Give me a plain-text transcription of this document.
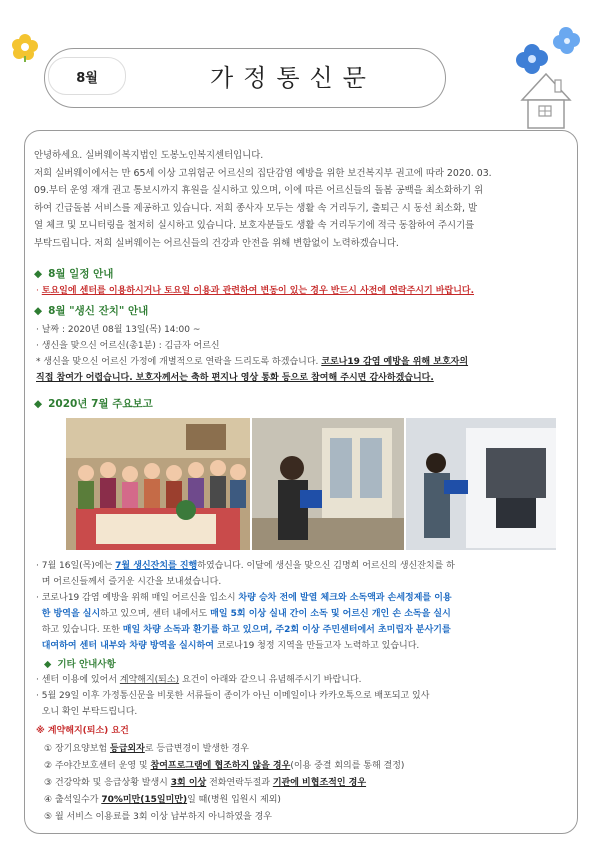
8월	가정통신문
안녕하세요. 실버웨이복지법인 도봉노인복지센터입니다.
저희 실버웨이에서는 만 65세 이상 고위험군 어르신의 집단감염 예방을 위한 보건복지부 권고에 따라 2020. 03.
09.부터 운영 재개 권고 통보시까지 휴원을 실시하고 있으며, 이에 따른 어르신들의 돌봄 공백을 최소화하기 위
하여 긴급돌봄 서비스를 제공하고 있습니다. 저희 종사자 모두는 생활 속 거리두기, 출퇴근 시 동선 최소화, 발
열 체크 및 모니터링을 철저히 실시하고 있습니다. 보호자분들도 생활 속 거리두기에 적극 동참하여 주시기를
부탁드립니다. 저희 실버웨이는 어르신들의 건강과 안전을 위해 변함없이 노력하겠습니다.
◆ 8월 일정 안내
· 토요일에 센터를 이용하시거나 토요일 이용과 관련하여 변동이 있는 경우 반드시 사전에 연락주시기 바랍니다.
◆ 8월 "생신 잔치" 안내
· 날짜 : 2020년 08월 13일(목) 14:00 ~
· 생신을 맞으신 어르신(총1분) : 김금자 어르신
* 생신을 맞으신 어르신 가정에 개별적으로 연락을 드리도록 하겠습니다. 코로나19 감염 예방을 위해 보호자의
직접 참여가 어렵습니다. 보호자께서는 축하 편지나 영상 통화 등으로 참여해 주시면 감사하겠습니다.
◆ 2020년 7월 주요보고
· 7월 16일(목)에는 7월 생신잔치를 진행하였습니다. 이달에 생신을 맞으신 김명희 어르신의 생신잔치를 하
며 어르신들께서 즐거운 시간을 보내셨습니다.
· 코로나19 감염 예방을 위해 매일 어르신을 입소시 차량 승차 전에 발열 체크와 소독액과 손세정제를 이용
한 방역을 실시하고 있으며, 센터 내에서도 매일 5회 이상 실내 간이 소독 및 어르신 개인 손 소독을 실시
하고 있습니다. 또한 매일 차량 소독과 환기를 하고 있으며, 주2회 이상 주민센터에서 초미립자 분사기를
대여하여 센터 내부와 차량 방역을 실시하여 코로나19 청정 지역을 만들고자 노력하고 있습니다.
◆ 기타 안내사항
· 센터 이용에 있어서 계약해지(퇴소) 요건이 아래와 같으니 유념해주시기 바랍니다.
· 5월 29일 이후 가정통신문을 비롯한 서류들이 종이가 아닌 이메일이나 카카오톡으로 배포되고 있사
오니 확인 부탁드립니다.
※ 계약해지(퇴소) 요건
① 장기요양보험 등급외자로 등급변경이 발생한 경우
② 주야간보호센터 운영 및 참여프로그램에 협조하지 않을 경우(이용 중결 회의를 통해 결정)
③ 건강악화 및 응급상황 발생시 3회 이상 전화연락두절과 기관에 비협조적인 경우
④ 출석일수가 70%미만(15일미만)일 때(병원 입원시 제외)
⑤ 월 서비스 이용료를 3회 이상 납부하지 아니하였을 경우
